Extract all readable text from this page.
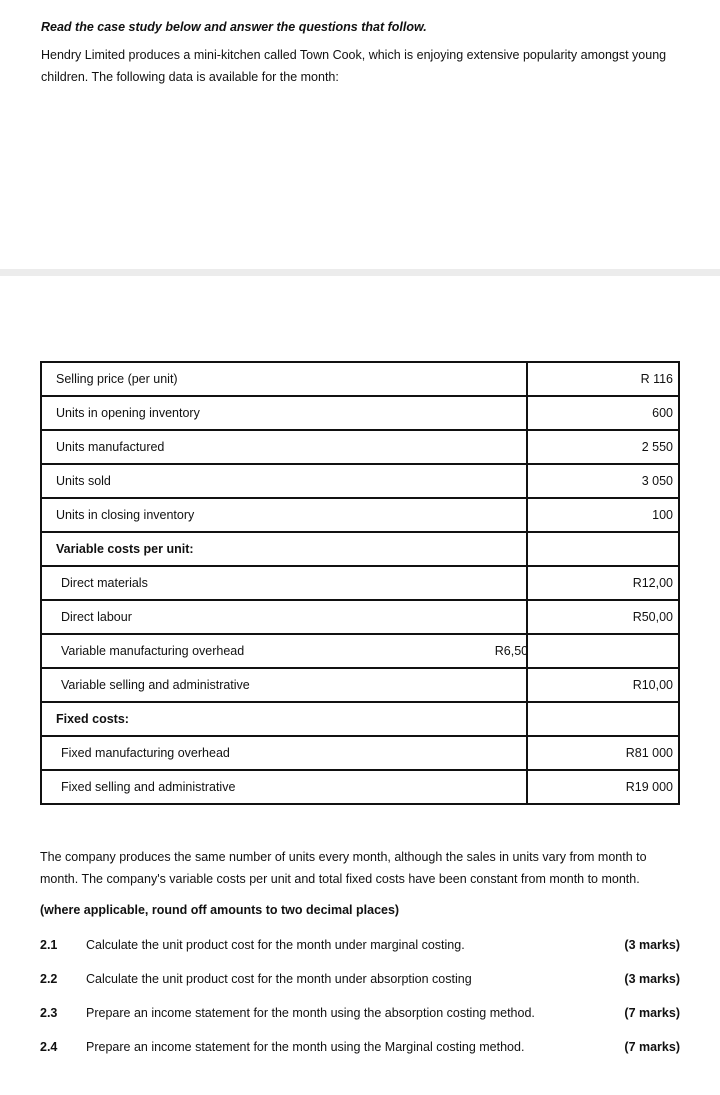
Read the case study below and answer the questions that follow.
Hendry Limited produces a mini-kitchen called Town Cook, which is enjoying extensive popularity amongst young children. The following data is available for the month:
Selling price (per unit)	R 116
Units in opening inventory	600
Units manufactured	2 550
Units sold	3 050
Units in closing inventory	100
Variable costs per unit:	
Direct materials	R12,00
Direct labour	R50,00
Variable manufacturing overhead R6,50	

Variable selling and administrative	R10,00
Fixed costs:	
Fixed manufacturing overhead	R81 000
Fixed selling and administrative	R19 000
The company produces the same number of units every month, although the sales in units vary from month to month. The company's variable costs per unit and total fixed costs have been constant from month to month.
(where applicable, round off amounts to two decimal places)
2.1 Calculate the unit product cost for the month under marginal costing.	(3 marks)
2.2 Calculate the unit product cost for the month under absorption costing	(3 marks)
2.3 Prepare an income statement for the month using the absorption costing method.	(7 marks)
2.4 Prepare an income statement for the month using the Marginal costing method.	(7 marks)
